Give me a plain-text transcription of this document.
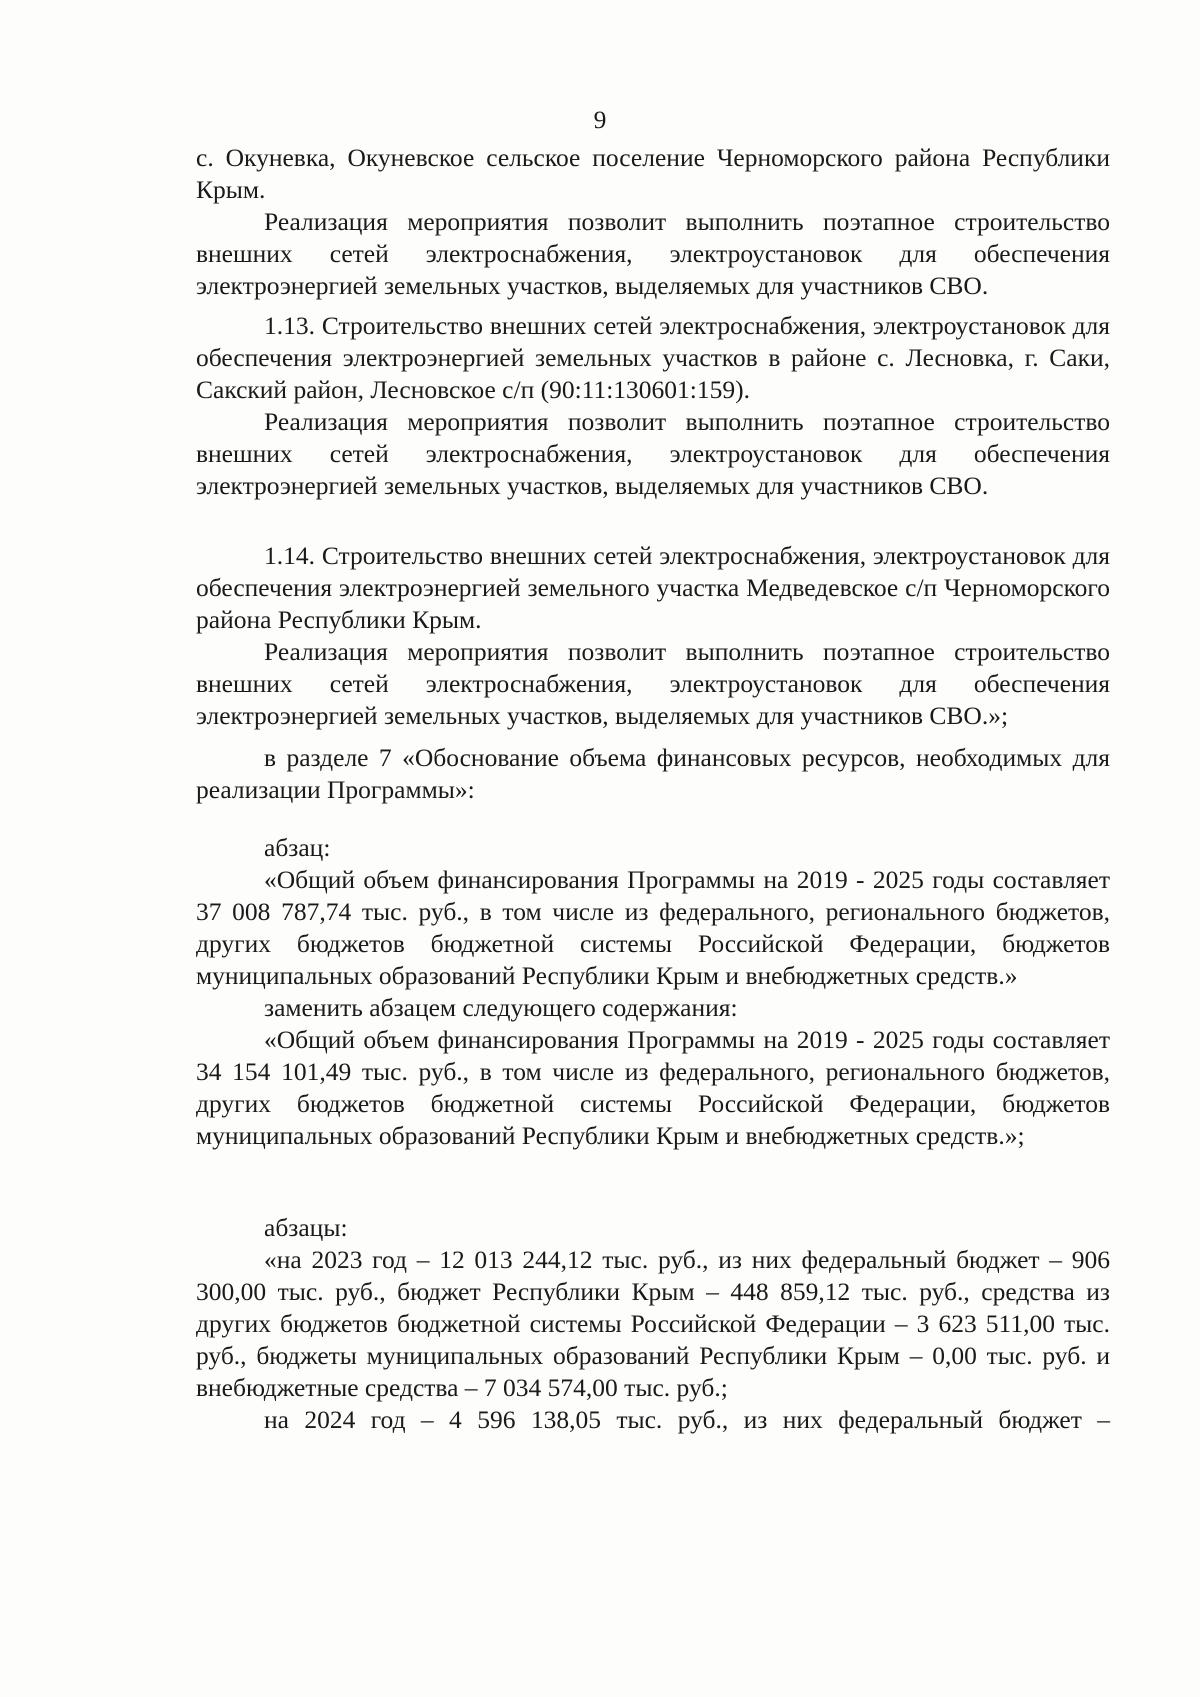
9

с. Окуневка, Окуневское сельское поселение Черноморского района Республики Крым.

Реализация мероприятия позволит выполнить поэтапное строительство внешних сетей электроснабжения, электроустановок для обеспечения электроэнергией земельных участков, выделяемых для участников СВО.

1.13. Строительство внешних сетей электроснабжения, электроустановок для обеспечения электроэнергией земельных участков в районе с. Лесновка, г. Саки, Сакский район, Лесновское с/п (90:11:130601:159).

Реализация мероприятия позволит выполнить поэтапное строительство внешних сетей электроснабжения, электроустановок для обеспечения электроэнергией земельных участков, выделяемых для участников СВО.

1.14. Строительство внешних сетей электроснабжения, электроустановок для обеспечения электроэнергией земельного участка Медведевское с/п Черноморского района Республики Крым.

Реализация мероприятия позволит выполнить поэтапное строительство внешних сетей электроснабжения, электроустановок для обеспечения электроэнергией земельных участков, выделяемых для участников СВО.»;

в разделе 7 «Обоснование объема финансовых ресурсов, необходимых для реализации Программы»:

абзац:

«Общий объем финансирования Программы на 2019 - 2025 годы составляет 37 008 787,74 тыс. руб., в том числе из федерального, регионального бюджетов, других бюджетов бюджетной системы Российской Федерации, бюджетов муниципальных образований Республики Крым и внебюджетных средств.»

заменить абзацем следующего содержания:

«Общий объем финансирования Программы на 2019 - 2025 годы составляет 34 154 101,49 тыс. руб., в том числе из федерального, регионального бюджетов, других бюджетов бюджетной системы Российской Федерации, бюджетов муниципальных образований Республики Крым и внебюджетных средств.»;

абзацы:

«на 2023 год – 12 013 244,12 тыс. руб., из них федеральный бюджет – 906 300,00 тыс. руб., бюджет Республики Крым – 448 859,12 тыс. руб., средства из других бюджетов бюджетной системы Российской Федерации – 3 623 511,00 тыс. руб., бюджеты муниципальных образований Республики Крым – 0,00 тыс. руб. и внебюджетные средства – 7 034 574,00 тыс. руб.;

на 2024 год – 4 596 138,05 тыс. руб., из них федеральный бюджет –
